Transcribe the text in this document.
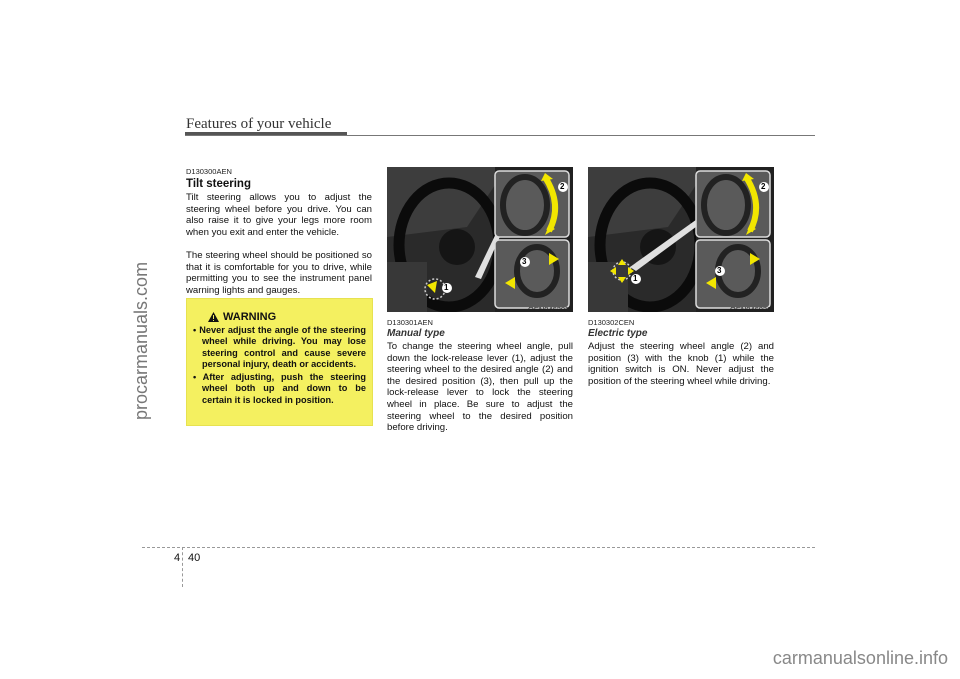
Features of your vehicle
procarmanuals.com
carmanualsonline.info
D130300AEN
Tilt steering

Tilt steering allows you to adjust the steering wheel before you drive. You can also raise it to give your legs more room when you exit and enter the vehicle.

The steering wheel should be positioned so that it is comfortable for you to drive, while permitting you to see the instrument panel warning lights and gauges.

WARNING
• Never adjust the angle of the steering wheel while driving. You may lose steering control and cause severe personal injury, death or accidents.
• After adjusting, push the steering wheel both up and down to be certain it is locked in position.
1
2
3
OEN046202
D130301AEN
Manual type

To change the steering wheel angle, pull down the lock-release lever (1), adjust the steering wheel to the desired angle (2) and the desired position (3), then pull up the lock-release lever to lock the steering wheel in place. Be sure to adjust the steering wheel to the desired position before driving.

1
2
3
OEN046030
D130302CEN
Electric type

Adjust the steering wheel angle (2) and position (3) with the knob (1) while the ignition switch is ON. Never adjust the position of the steering wheel while driving.

4 40
